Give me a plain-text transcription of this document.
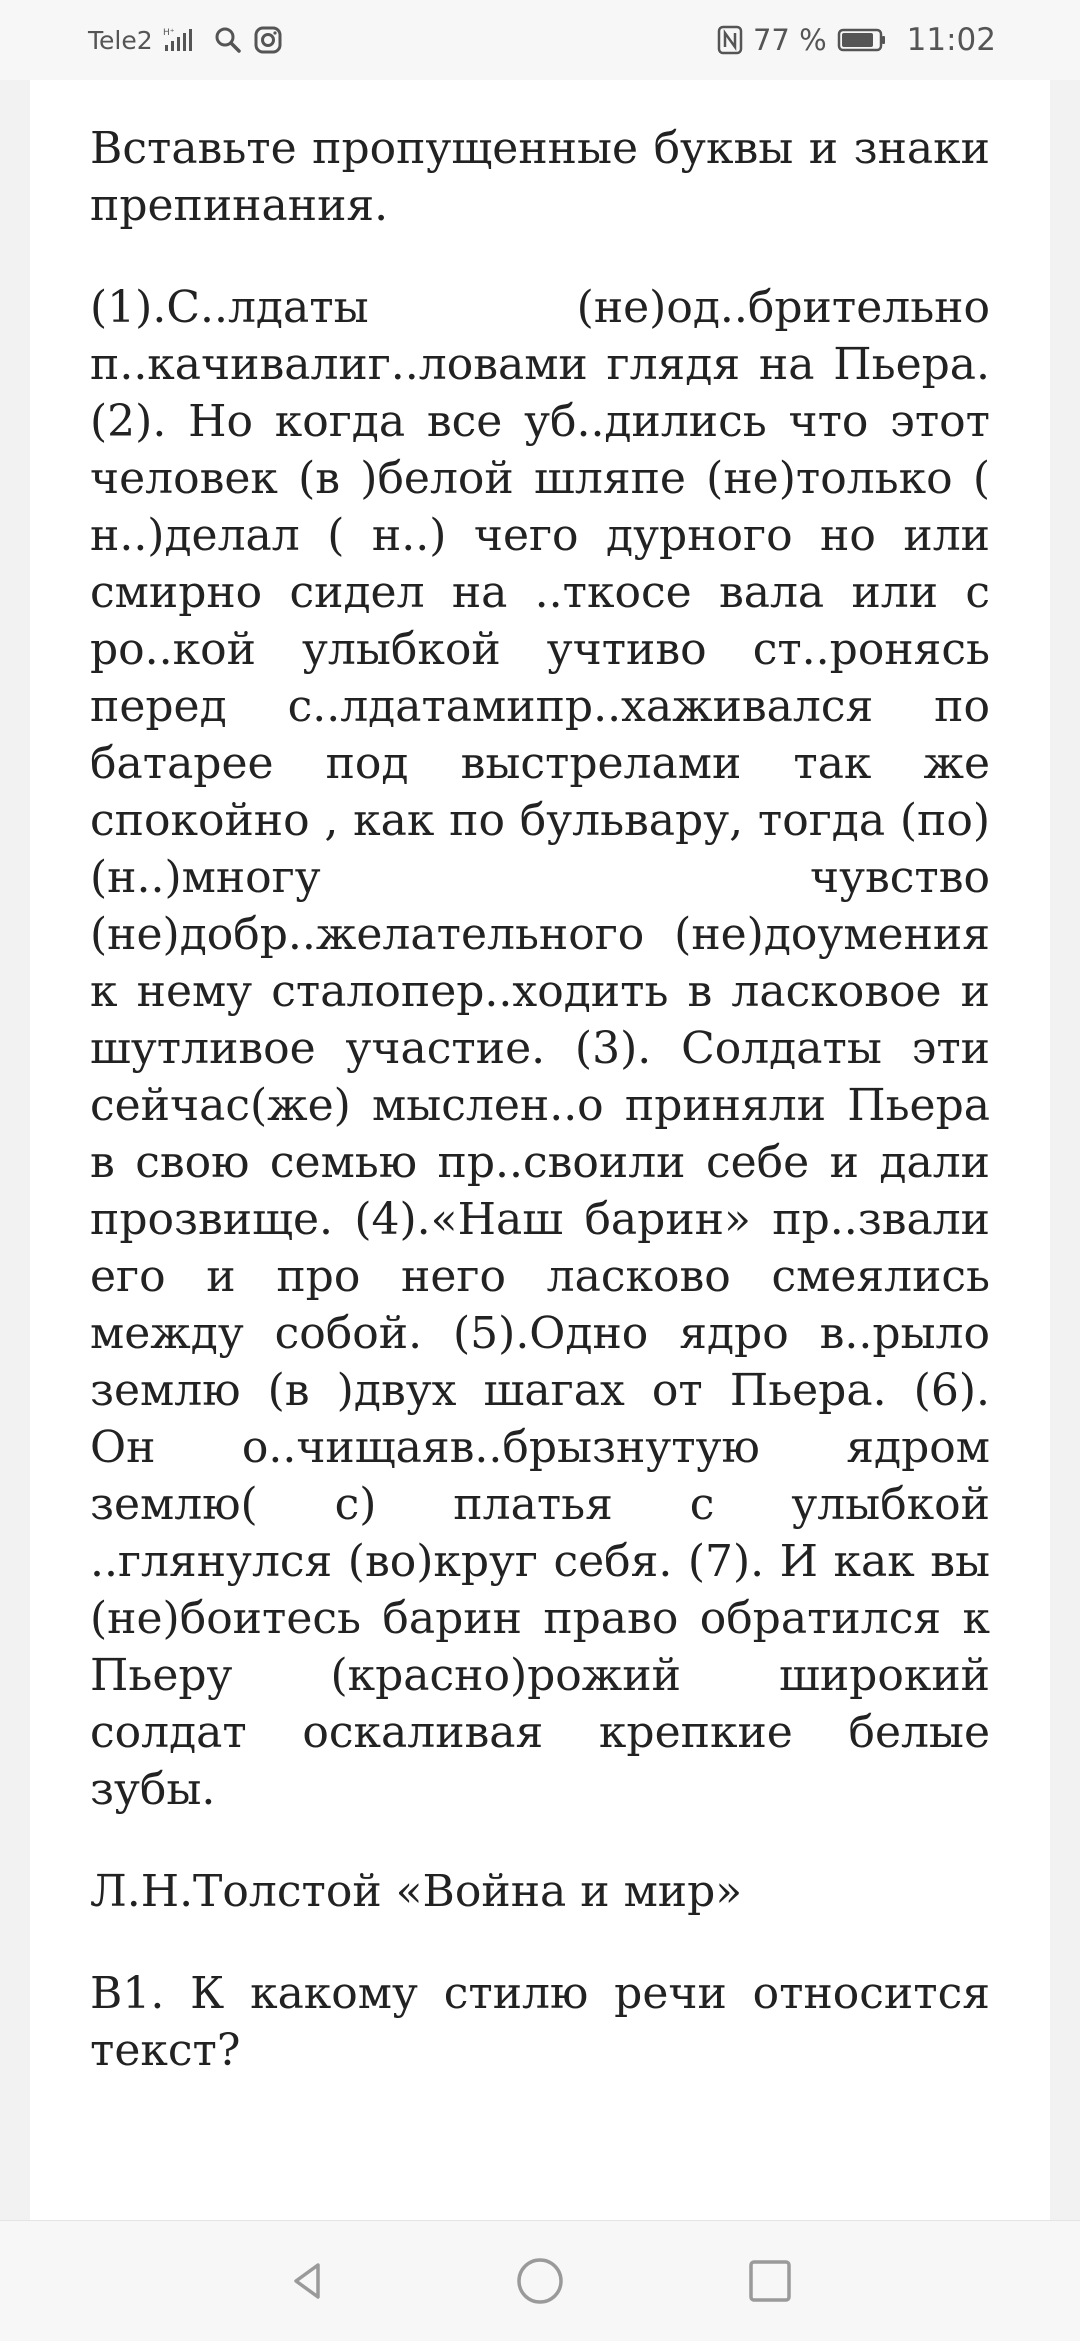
Tele2 H⁺	77 %	11:02

Вставьте пропущенные буквы и знаки препинания.

(1).С..лдаты (не)од..брительно п..качивалиг..ловами глядя на Пьера. (2). Но когда все уб..дились что этот человек (в )белой шляпе (не)только ( н..)делал ( н..) чего дурного но или смирно сидел на ..ткосе вала или с ро..кой улыбкой учтиво ст..ронясь перед с..лдатамипр..хаживался по батарее под выстрелами так же спокойно , как по бульвару, тогда (по)(н..)многу чувство (не)добр..желательного (не)доумения к нему сталопер..ходить в ласковое и шутливое участие. (3). Солдаты эти сейчас(же) мыслен..о приняли Пьера в свою семью пр..своили себе и дали прозвище. (4).«Наш барин» пр..звали его и про него ласково смеялись между собой. (5).Одно ядро в..рыло землю (в )двух шагах от Пьера. (6). Он о..чищаяв..брызнутую ядром землю( с) платья с улыбкой ..глянулся (во)круг себя. (7). И как вы (не)боитесь барин право обратился к Пьеру (красно)рожий широкий солдат оскаливая крепкие белые зубы.

Л.Н.Толстой «Война и мир»

В1. К какому стилю речи относится текст?
